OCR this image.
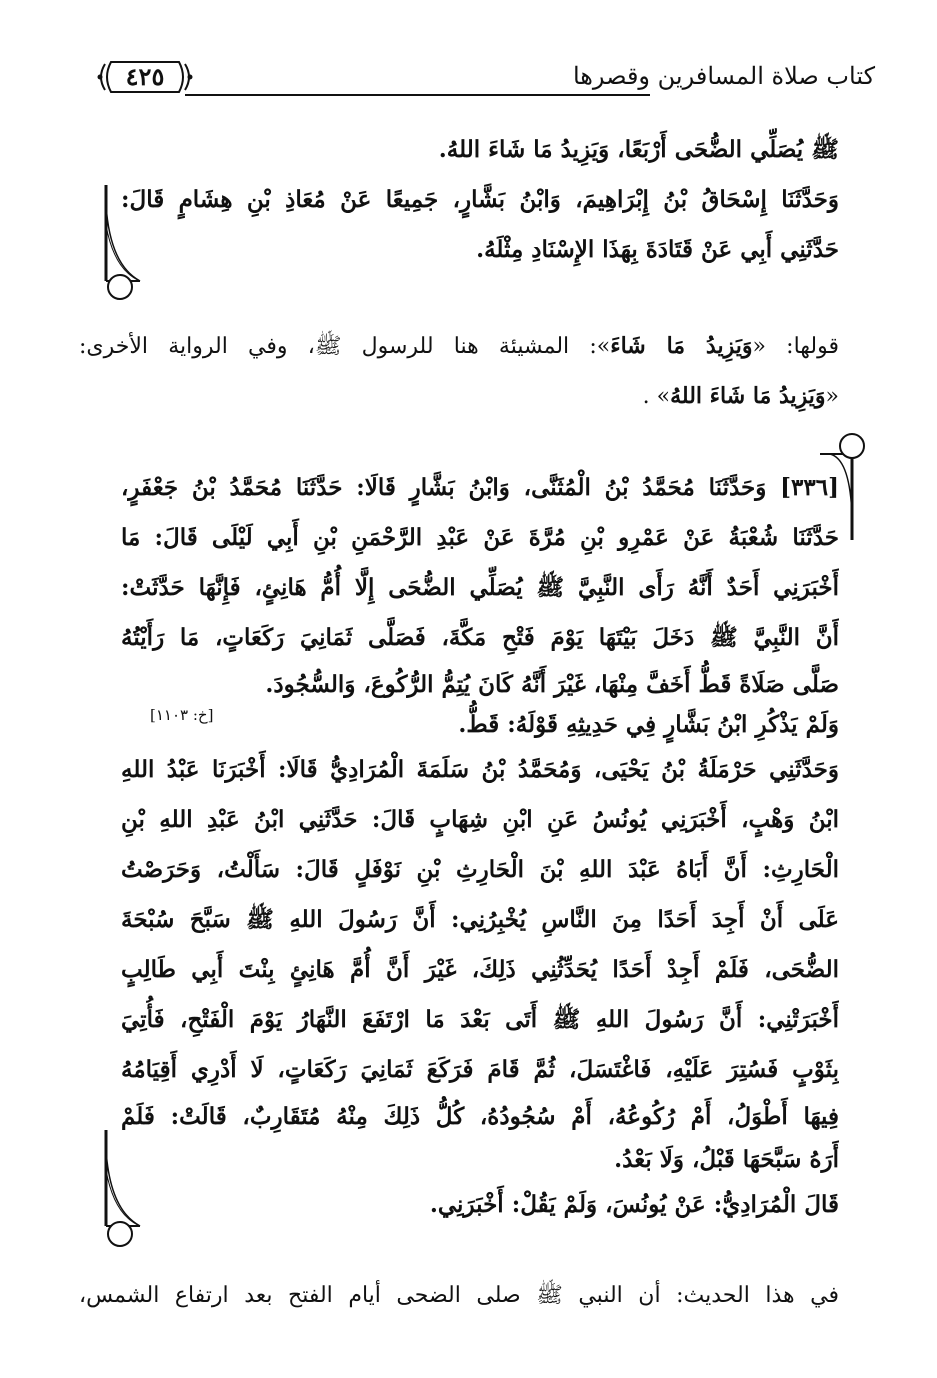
كتاب صلاة المسافرين وقصرها
٤٢٥
ﷺ يُصَلِّي الضُّحَى أَرْبَعًا، وَيَزِيدُ مَا شَاءَ اللهُ.
وَحَدَّثَنَا إِسْحَاقُ بْنُ إِبْرَاهِيمَ، وَابْنُ بَشَّارٍ، جَمِيعًا عَنْ مُعَاذِ بْنِ هِشَامٍ قَالَ:
حَدَّثَنِي أَبِي عَنْ قَتَادَةَ بِهَذَا الإِسْنَادِ مِثْلَهُ.
قولها: «وَيَزِيدُ مَا شَاءَ»: المشيئة هنا للرسول ﷺ، وفي الرواية الأخرى:
«وَيَزِيدُ مَا شَاءَ اللهُ» .
[٣٣٦] وَحَدَّثَنَا مُحَمَّدُ بْنُ الْمُثَنَّى، وَابْنُ بَشَّارٍ قَالَا: حَدَّثَنَا مُحَمَّدُ بْنُ جَعْفَرٍ،
حَدَّثَنَا شُعْبَةُ عَنْ عَمْرِو بْنِ مُرَّةَ عَنْ عَبْدِ الرَّحْمَنِ بْنِ أَبِي لَيْلَى قَالَ: مَا
أَخْبَرَنِي أَحَدٌ أَنَّهُ رَأَى النَّبِيَّ ﷺ يُصَلِّي الضُّحَى إِلَّا أُمُّ هَانِئٍ، فَإِنَّهَا حَدَّثَتْ:
أَنَّ النَّبِيَّ ﷺ دَخَلَ بَيْتَهَا يَوْمَ فَتْحِ مَكَّةَ، فَصَلَّى ثَمَانِيَ رَكَعَاتٍ، مَا رَأَيْتُهُ
صَلَّى صَلَاةً قَطُّ أَخَفَّ مِنْهَا، غَيْرَ أَنَّهُ كَانَ يُتِمُّ الرُّكُوعَ، وَالسُّجُودَ.
وَلَمْ يَذْكُرِ ابْنُ بَشَّارٍ فِي حَدِيثِهِ قَوْلَهُ: قَطُّ.
[خ: ١١٠٣]
وَحَدَّثَنِي حَرْمَلَةُ بْنُ يَحْيَى، وَمُحَمَّدُ بْنُ سَلَمَةَ الْمُرَادِيُّ قَالَا: أَخْبَرَنَا عَبْدُ اللهِ
ابْنُ وَهْبٍ، أَخْبَرَنِي يُونُسُ عَنِ ابْنِ شِهَابٍ قَالَ: حَدَّثَنِي ابْنُ عَبْدِ اللهِ بْنِ
الْحَارِثِ: أَنَّ أَبَاهُ عَبْدَ اللهِ بْنَ الْحَارِثِ بْنِ نَوْفَلٍ قَالَ: سَأَلْتُ، وَحَرَصْتُ
عَلَى أَنْ أَجِدَ أَحَدًا مِنَ النَّاسِ يُخْبِرُنِي: أَنَّ رَسُولَ اللهِ ﷺ سَبَّحَ سُبْحَةَ
الضُّحَى، فَلَمْ أَجِدْ أَحَدًا يُحَدِّثُنِي ذَلِكَ، غَيْرَ أَنَّ أُمَّ هَانِئٍ بِنْتَ أَبِي طَالِبٍ
أَخْبَرَتْنِي: أَنَّ رَسُولَ اللهِ ﷺ أَتَى بَعْدَ مَا ارْتَفَعَ النَّهَارُ يَوْمَ الْفَتْحِ، فَأُتِيَ
بِثَوْبٍ فَسُتِرَ عَلَيْهِ، فَاغْتَسَلَ، ثُمَّ قَامَ فَرَكَعَ ثَمَانِيَ رَكَعَاتٍ، لَا أَدْرِي أَقِيَامُهُ
فِيهَا أَطْوَلُ، أَمْ رُكُوعُهُ، أَمْ سُجُودُهُ، كُلُّ ذَلِكَ مِنْهُ مُتَقَارِبٌ، قَالَتْ: فَلَمْ
أَرَهُ سَبَّحَهَا قَبْلُ، وَلَا بَعْدُ.
قَالَ الْمُرَادِيُّ: عَنْ يُونُسَ، وَلَمْ يَقُلْ: أَخْبَرَنِي.
في هذا الحديث: أن النبي ﷺ صلى الضحى أيام الفتح بعد ارتفاع الشمس،
